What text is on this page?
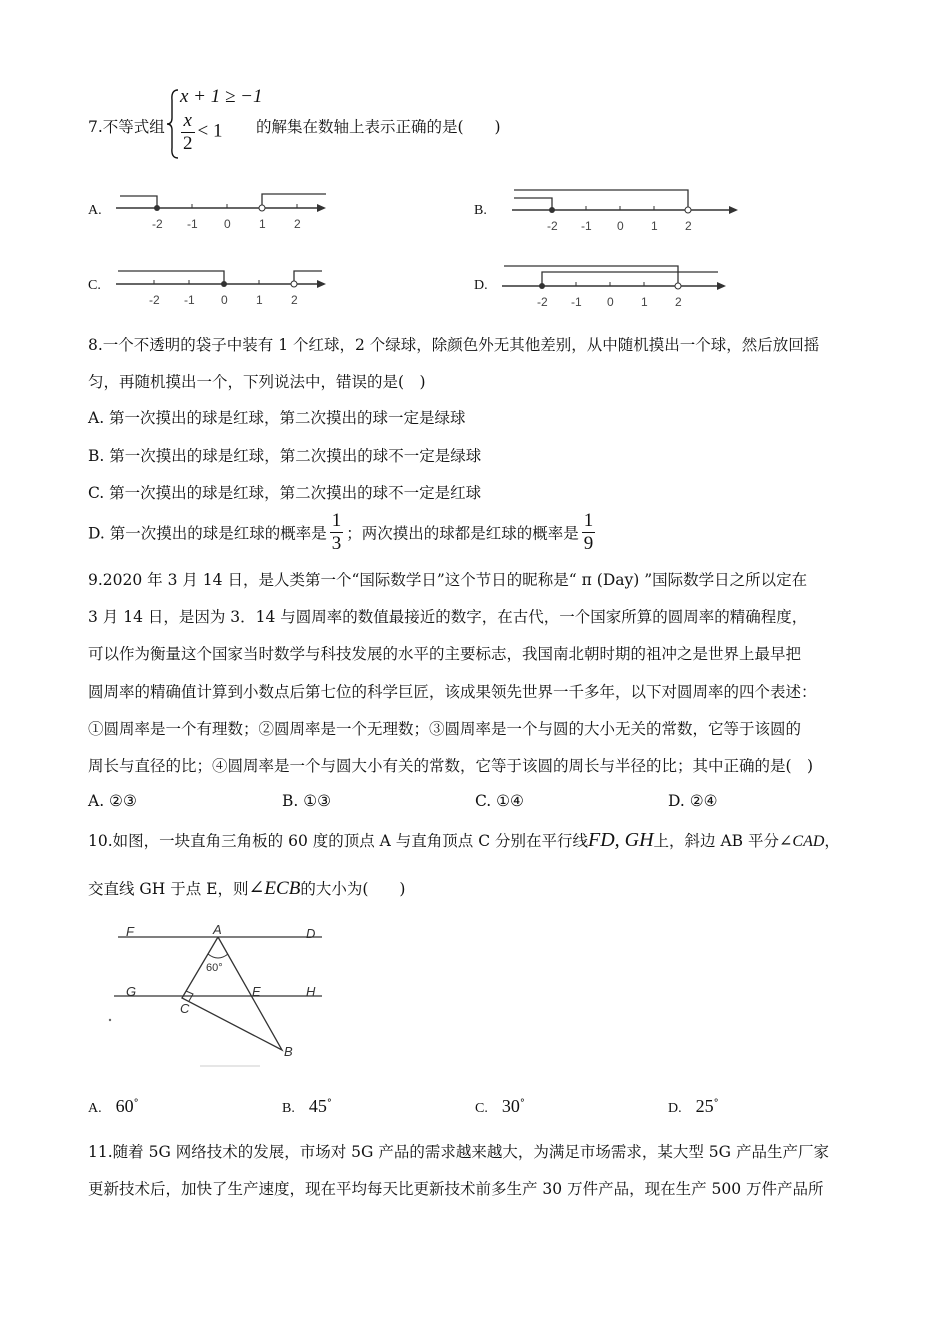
7.不等式组
x + 1 ≥ −1
$\frac{x}{2} < 1$ 的解集在数轴上表示正确的是(　　)
A.
-2 -1 0 1 2
B.
-2 -1 0 1 2
C.
-2 -1 0 1 2
D.
-2 -1 0 1 2
8.一个不透明的袋子中装有 1 个红球，2 个绿球，除颜色外无其他差别，从中随机摸出一个球，然后放回摇
匀，再随机摸出一个，下列说法中，错误的是(　)
A. 第一次摸出的球是红球，第二次摸出的球一定是绿球
B. 第一次摸出的球是红球，第二次摸出的球不一定是绿球
C. 第一次摸出的球是红球，第二次摸出的球不一定是红球
D. 第一次摸出的球是红球的概率是 $\frac{1}{3}$ ；两次摸出的球都是红球的概率是 $\frac{1}{9}$
9.2020 年 3 月 14 日，是人类第一个“国际数学日”这个节日的昵称是“ π (Day) ”国际数学日之所以定在
3 月 14 日，是因为 3．14 与圆周率的数值最接近的数字，在古代，一个国家所算的圆周率的精确程度，
可以作为衡量这个国家当时数学与科技发展的水平的主要标志，我国南北朝时期的祖冲之是世界上最早把
圆周率的精确值计算到小数点后第七位的科学巨匠，该成果领先世界一千多年，以下对圆周率的四个表述：
①圆周率是一个有理数；②圆周率是一个无理数；③圆周率是一个与圆的大小无关的常数，它等于该圆的
周长与直径的比；④圆周率是一个与圆大小有关的常数，它等于该圆的周长与半径的比；其中正确的是(　)
A. ②③	B. ①③	C. ①④	D. ②④
10.如图，一块直角三角板的 60 度的顶点 A 与直角顶点 C 分别在平行线FD, GH上，斜边 AB 平分∠CAD，
交直线 GH 于点 E，则∠ECB的大小为(　　)
F	A	D
G
C
E	H
B
60°
A. 60°	B. 45°	C. 30°	D. 25°
11.随着 5G 网络技术的发展，市场对 5G 产品的需求越来越大，为满足市场需求，某大型 5G 产品生产厂家
更新技术后，加快了生产速度，现在平均每天比更新技术前多生产 30 万件产品，现在生产 500 万件产品所
